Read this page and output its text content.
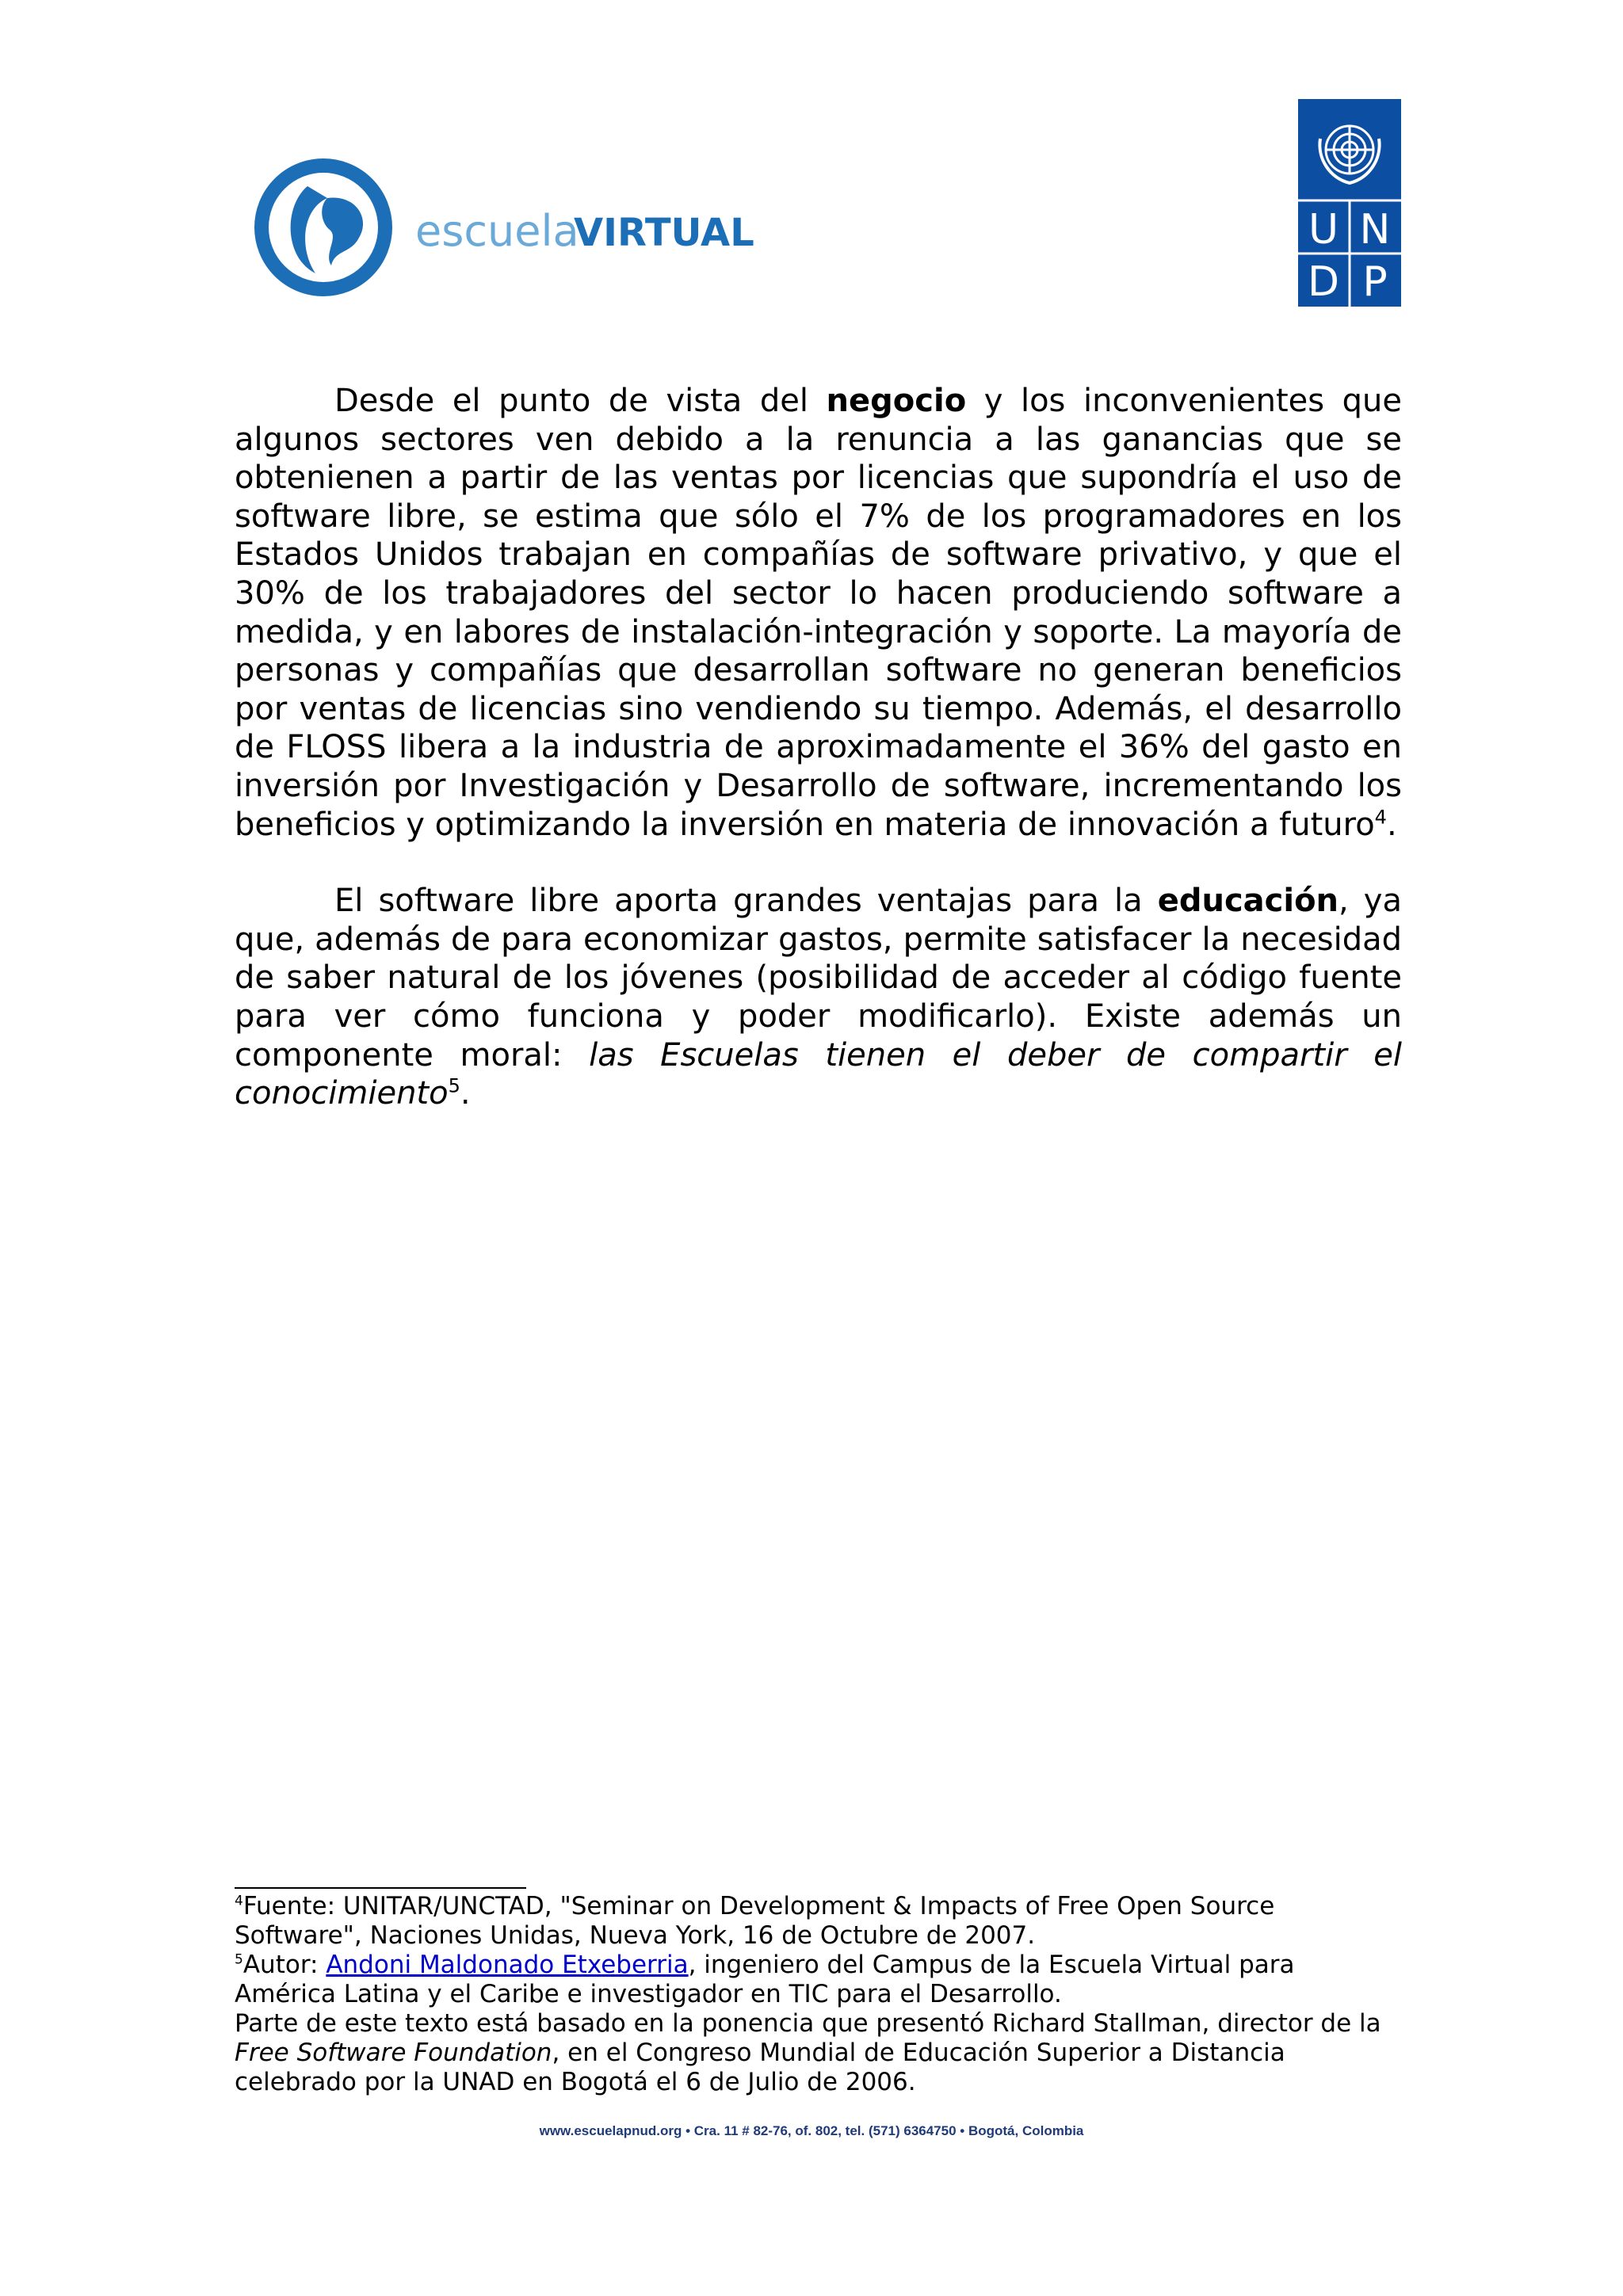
escuela
VIRTUAL	U N
D P

Desde el punto de vista del negocio y los inconvenientes que algunos sectores ven debido a la renuncia a las ganancias que se obtenienen a partir de las ventas por licencias que supondría el uso de software libre, se estima que sólo el 7% de los programadores en los Estados Unidos trabajan en compañías de software privativo, y que el 30% de los trabajadores del sector lo hacen produciendo software a medida, y en labores de instalación-integración y soporte. La mayoría de personas y compañías que desarrollan software no generan beneficios por ventas de licencias sino vendiendo su tiempo. Además, el desarrollo de FLOSS libera a la industria de aproximadamente el 36% del gasto en inversión por Investigación y Desarrollo de software, incrementando los beneficios y optimizando la inversión en materia de innovación a futuro$^4$.

El software libre aporta grandes ventajas para la educación, ya que, además de para economizar gastos, permite satisfacer la necesidad de saber natural de los jóvenes (posibilidad de acceder al código fuente para ver cómo funciona y poder modificarlo). Existe además un componente moral: las Escuelas tienen el deber de compartir el conocimiento$^5$.

$^4$Fuente: UNITAR/UNCTAD, "Seminar on Development & Impacts of Free Open Source Software", Naciones Unidas, Nueva York, 16 de Octubre de 2007.

$^5$Autor: Andoni Maldonado Etxeberria, ingeniero del Campus de la Escuela Virtual para América Latina y el Caribe e investigador en TIC para el Desarrollo.

Parte de este texto está basado en la ponencia que presentó Richard Stallman, director de la Free Software Foundation, en el Congreso Mundial de Educación Superior a Distancia celebrado por la UNAD en Bogotá el 6 de Julio de 2006.

www.escuelapnud.org • Cra. 11 # 82-76, of. 802, tel. (571) 6364750 • Bogotá, Colombia
